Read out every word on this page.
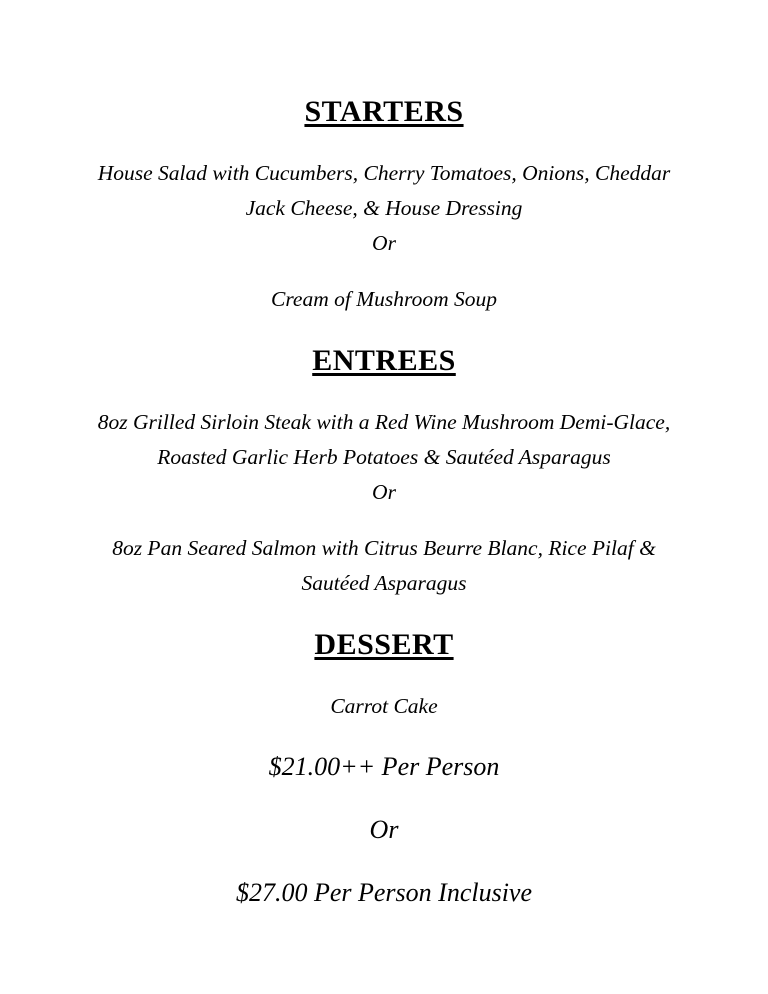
STARTERS

House Salad with Cucumbers, Cherry Tomatoes, Onions, Cheddar Jack Cheese, & House Dressing

Or

Cream of Mushroom Soup

ENTREES

8oz Grilled Sirloin Steak with a Red Wine Mushroom Demi-Glace, Roasted Garlic Herb Potatoes & Sautéed Asparagus

Or

8oz Pan Seared Salmon with Citrus Beurre Blanc, Rice Pilaf & Sautéed Asparagus

DESSERT

Carrot Cake

$21.00++ Per Person

Or

$27.00 Per Person Inclusive
